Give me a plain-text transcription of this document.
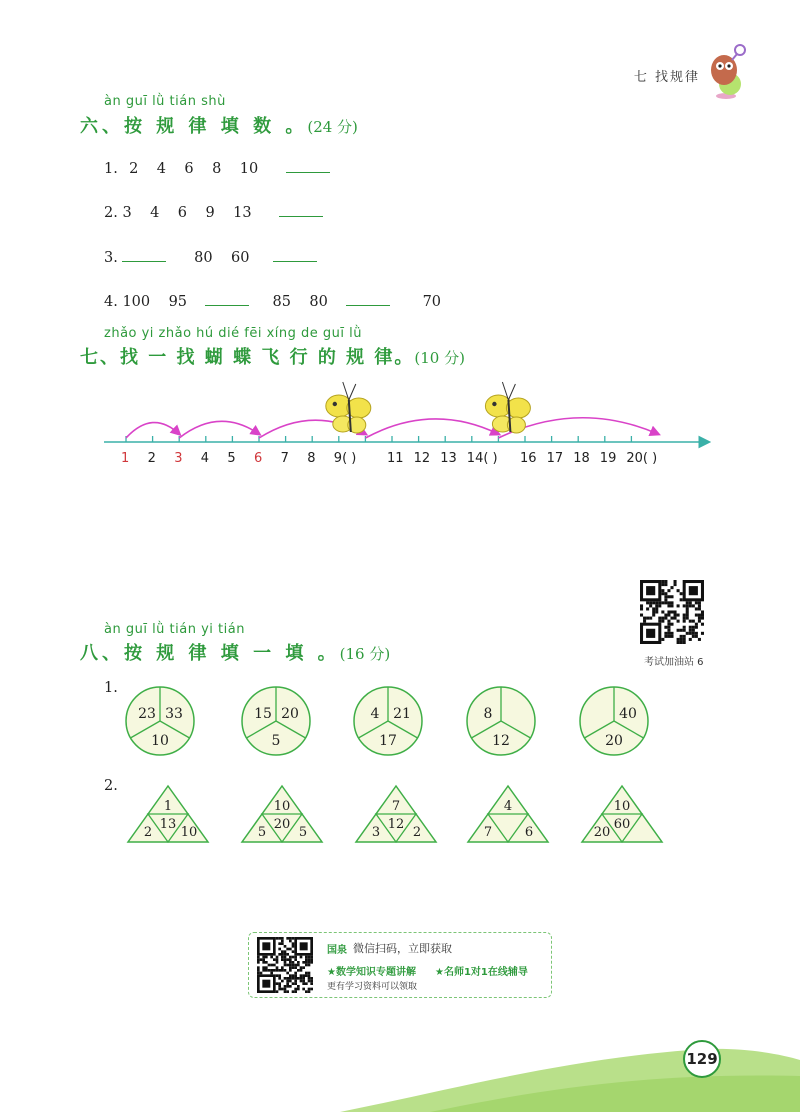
七 找规律
àn guī lǜ tián shù
六、按 规 律 填 数 。(24 分)
1. 2 4 6 8 10
2. 3 4 6 9 13
3.	80 60
4. 100 95	85 80	70
zhǎo yi zhǎo hú dié fēi xíng de guī lǜ
七、找 一 找 蝴 蝶 飞 行 的 规 律。(10 分)
1 2 3 4 5 6 7 8 9( ) 11 12 13 14( ) 16 17 18 19 20( )
考试加油站 6
àn guī lǜ tián yi tián
八、按 规 律 填 一 填 。(16 分)
1.
2.
23 33
10
15 20
5
4 21
17
8
12
40
20
1
13
2 10
10
20
5	5
7
12
3	2
4
7	6
10
60
20
国泉 微信扫码，立即获取
★数学知识专题讲解 ★名师1对1在线辅导
更有学习资料可以领取
129
